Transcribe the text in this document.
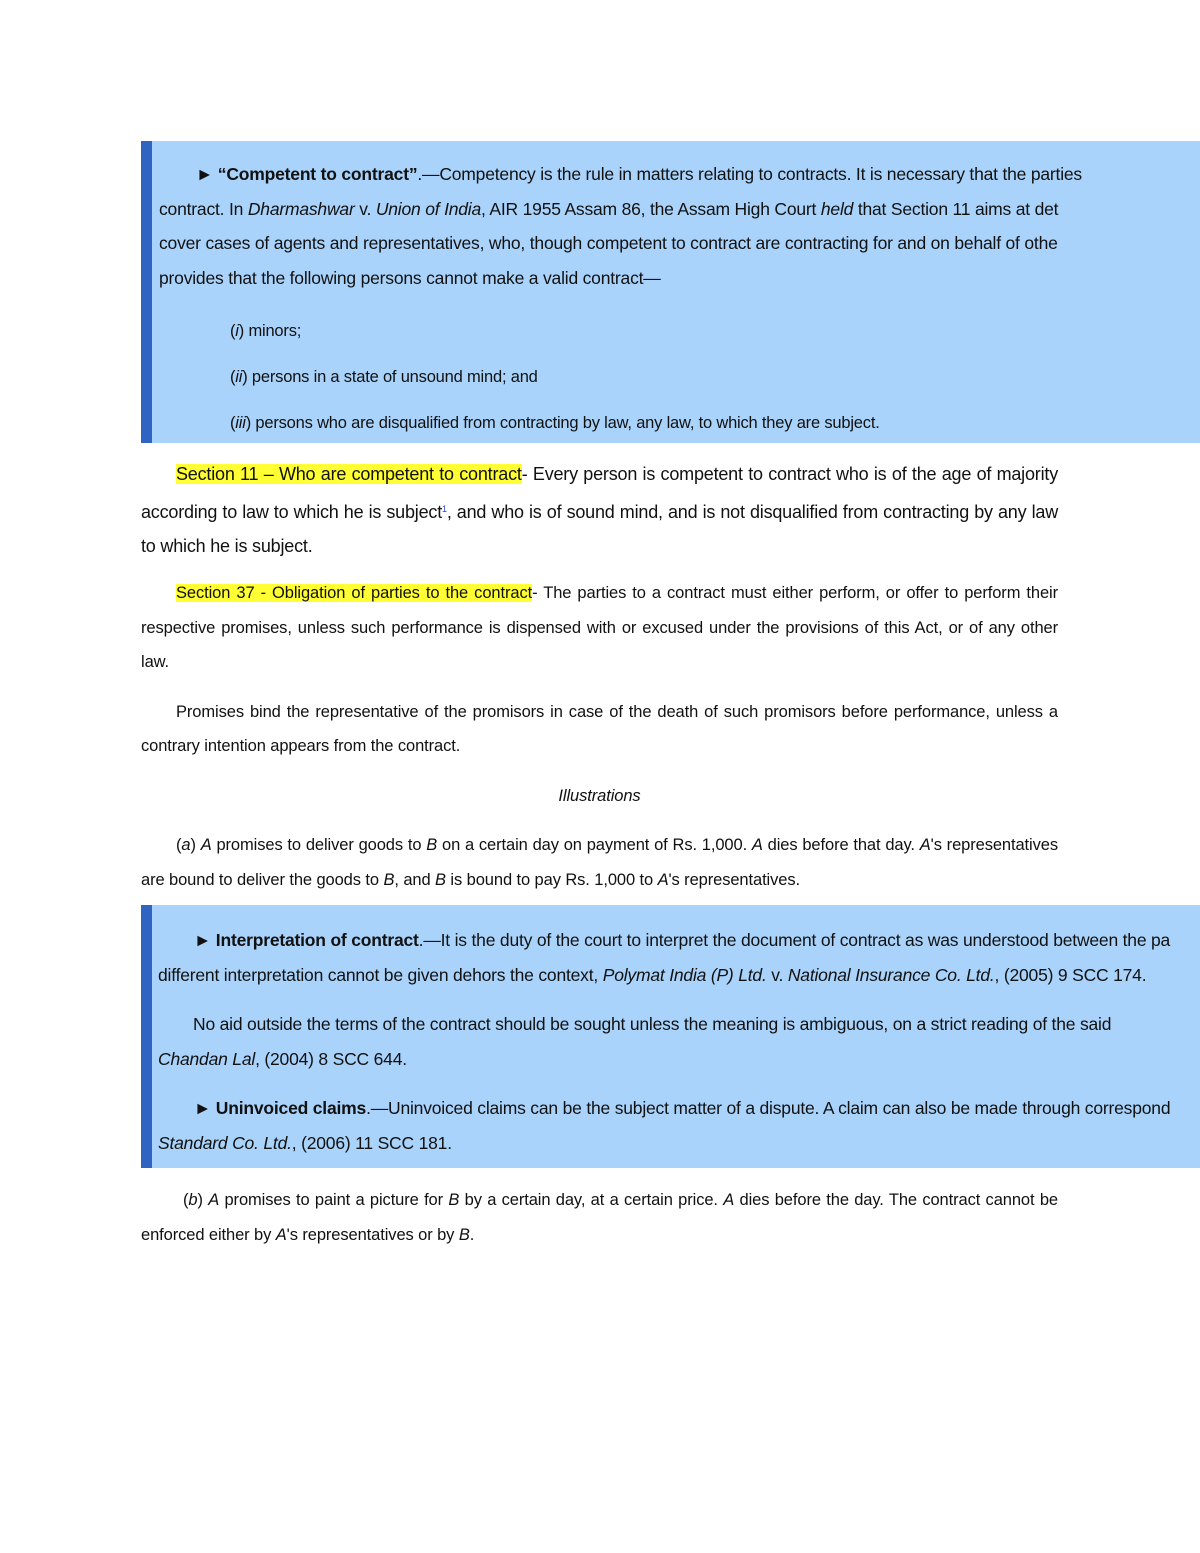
► “Competent to contract”.—Competency is the rule in matters relating to contracts. It is necessary that the parties

contract. In Dharmashwar v. Union of India, AIR 1955 Assam 86, the Assam High Court held that Section 11 aims at det

cover cases of agents and representatives, who, though competent to contract are contracting for and on behalf of othe

provides that the following persons cannot make a valid contract—

(i) minors;

(ii) persons in a state of unsound mind; and

(iii) persons who are disqualified from contracting by law, any law, to which they are subject.

Section 11 – Who are competent to contract- Every person is competent to contract who is of the age of majority according to law to which he is subject$^1$, and who is of sound mind, and is not disqualified from contracting by any law to which he is subject.

Section 37 - Obligation of parties to the contract- The parties to a contract must either perform, or offer to perform their respective promises, unless such performance is dispensed with or excused under the provisions of this Act, or of any other law.

Promises bind the representative of the promisors in case of the death of such promisors before performance, unless a contrary intention appears from the contract.

Illustrations

(a) A promises to deliver goods to B on a certain day on payment of Rs. 1,000. A dies before that day. A's representatives are bound to deliver the goods to B, and B is bound to pay Rs. 1,000 to A's representatives.

► Interpretation of contract.—It is the duty of the court to interpret the document of contract as was understood between the pa

different interpretation cannot be given dehors the context, Polymat India (P) Ltd. v. National Insurance Co. Ltd., (2005) 9 SCC 174.

No aid outside the terms of the contract should be sought unless the meaning is ambiguous, on a strict reading of the said

Chandan Lal, (2004) 8 SCC 644.

► Uninvoiced claims.—Uninvoiced claims can be the subject matter of a dispute. A claim can also be made through correspond

Standard Co. Ltd., (2006) 11 SCC 181.

(b) A promises to paint a picture for B by a certain day, at a certain price. A dies before the day. The contract cannot be enforced either by A's representatives or by B.
